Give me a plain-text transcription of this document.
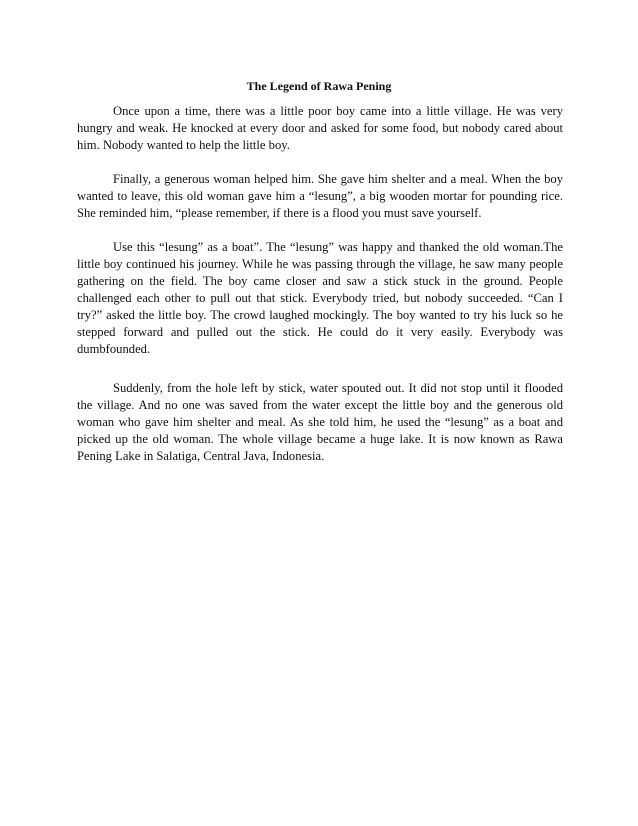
The Legend of Rawa Pening

Once upon a time, there was a little poor boy came into a little village. He was very hungry and weak. He knocked at every door and asked for some food, but nobody cared about him. Nobody wanted to help the little boy.

Finally, a generous woman helped him. She gave him shelter and a meal. When the boy wanted to leave, this old woman gave him a “lesung”, a big wooden mortar for pounding rice. She reminded him, “please remember, if there is a flood you must save yourself.

Use this “lesung” as a boat”. The “lesung” was happy and thanked the old woman.The little boy continued his journey. While he was passing through the village, he saw many people gathering on the field. The boy came closer and saw a stick stuck in the ground. People challenged each other to pull out that stick. Everybody tried, but nobody succeeded. “Can I try?” asked the little boy. The crowd laughed mockingly. The boy wanted to try his luck so he stepped forward and pulled out the stick. He could do it very easily. Everybody was dumbfounded.

Suddenly, from the hole left by stick, water spouted out. It did not stop until it flooded the village. And no one was saved from the water except the little boy and the generous old woman who gave him shelter and meal. As she told him, he used the “lesung” as a boat and picked up the old woman. The whole village became a huge lake. It is now known as Rawa Pening Lake in Salatiga, Central Java, Indonesia.
